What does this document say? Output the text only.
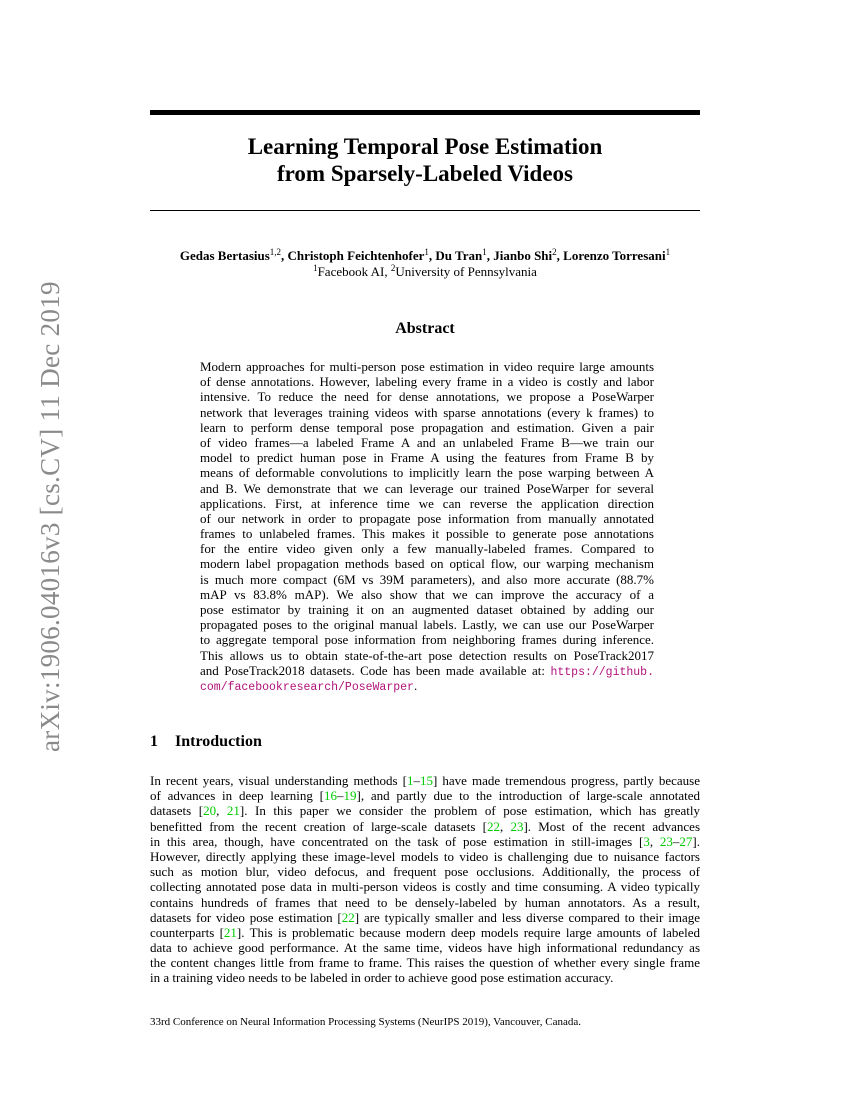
arXiv:1906.04016v3 [cs.CV] 11 Dec 2019
Learning Temporal Pose Estimation
from Sparsely-Labeled Videos
Gedas Bertasius$^{1,2}$, Christoph Feichtenhofer$^1$, Du Tran$^1$, Jianbo Shi$^2$, Lorenzo Torresani$^1$
$^1$Facebook AI, $^2$University of Pennsylvania
Abstract
Modern approaches for multi-person pose estimation in video require large amounts
of dense annotations. However, labeling every frame in a video is costly and labor
intensive. To reduce the need for dense annotations, we propose a PoseWarper
network that leverages training videos with sparse annotations (every k frames) to
learn to perform dense temporal pose propagation and estimation. Given a pair
of video frames—a labeled Frame A and an unlabeled Frame B—we train our
model to predict human pose in Frame A using the features from Frame B by
means of deformable convolutions to implicitly learn the pose warping between A
and B. We demonstrate that we can leverage our trained PoseWarper for several
applications. First, at inference time we can reverse the application direction
of our network in order to propagate pose information from manually annotated
frames to unlabeled frames. This makes it possible to generate pose annotations
for the entire video given only a few manually-labeled frames. Compared to
modern label propagation methods based on optical flow, our warping mechanism
is much more compact (6M vs 39M parameters), and also more accurate (88.7%
mAP vs 83.8% mAP). We also show that we can improve the accuracy of a
pose estimator by training it on an augmented dataset obtained by adding our
propagated poses to the original manual labels. Lastly, we can use our PoseWarper
to aggregate temporal pose information from neighboring frames during inference.
This allows us to obtain state-of-the-art pose detection results on PoseTrack2017
and PoseTrack2018 datasets. Code has been made available at: https://github.
com/facebookresearch/PoseWarper.
1 Introduction
In recent years, visual understanding methods [1–15] have made tremendous progress, partly because
of advances in deep learning [16–19], and partly due to the introduction of large-scale annotated
datasets [20, 21]. In this paper we consider the problem of pose estimation, which has greatly
benefitted from the recent creation of large-scale datasets [22, 23]. Most of the recent advances
in this area, though, have concentrated on the task of pose estimation in still-images [3, 23–27].
However, directly applying these image-level models to video is challenging due to nuisance factors
such as motion blur, video defocus, and frequent pose occlusions. Additionally, the process of
collecting annotated pose data in multi-person videos is costly and time consuming. A video typically
contains hundreds of frames that need to be densely-labeled by human annotators. As a result,
datasets for video pose estimation [22] are typically smaller and less diverse compared to their image
counterparts [21]. This is problematic because modern deep models require large amounts of labeled
data to achieve good performance. At the same time, videos have high informational redundancy as
the content changes little from frame to frame. This raises the question of whether every single frame
in a training video needs to be labeled in order to achieve good pose estimation accuracy.
33rd Conference on Neural Information Processing Systems (NeurIPS 2019), Vancouver, Canada.
